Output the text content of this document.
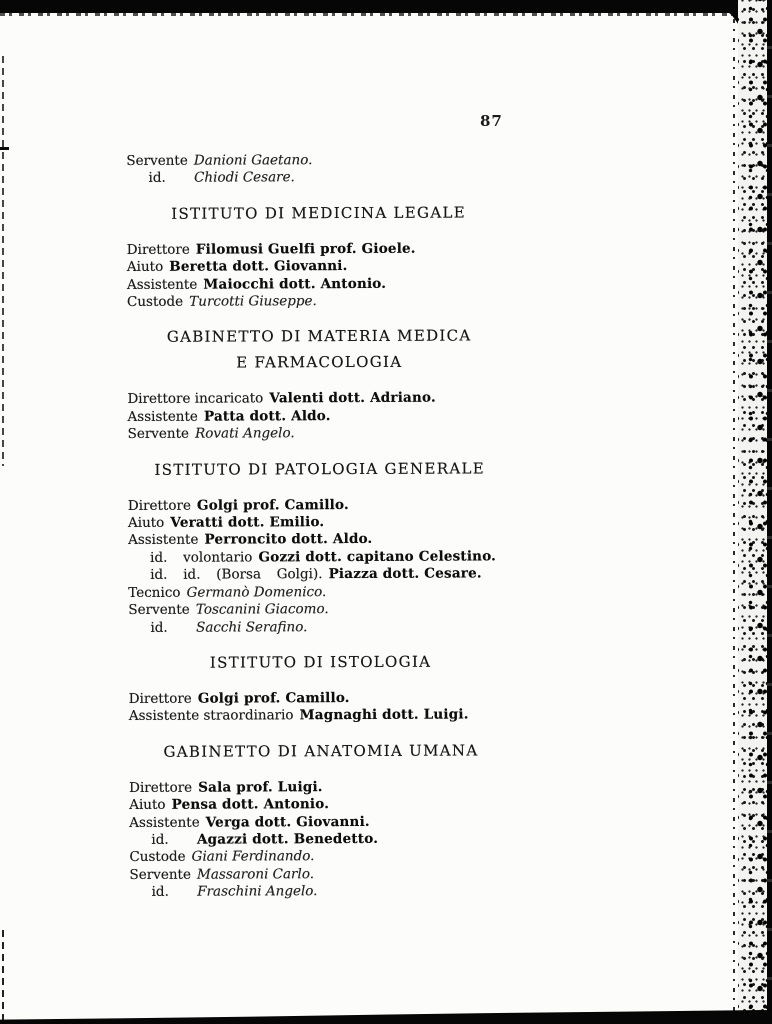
87
Servente Danioni Gaetano.
id. Chiodi Cesare.
ISTITUTO DI MEDICINA LEGALE
Direttore Filomusi Guelfi prof. Gioele.
Aiuto Beretta dott. Giovanni.
Assistente Maiocchi dott. Antonio.
Custode Turcotti Giuseppe.
GABINETTO DI MATERIA MEDICA
E FARMACOLOGIA
Direttore incaricato Valenti dott. Adriano.
Assistente Patta dott. Aldo.
Servente Rovati Angelo.
ISTITUTO DI PATOLOGIA GENERALE
Direttore Golgi prof. Camillo.
Aiuto Veratti dott. Emilio.
Assistente Perroncito dott. Aldo.
id. volontario Gozzi dott. capitano Celestino.
id. id. (Borsa Golgi). Piazza dott. Cesare.
Tecnico Germanò Domenico.
Servente Toscanini Giacomo.
id. Sacchi Serafino.
ISTITUTO DI ISTOLOGIA
Direttore Golgi prof. Camillo.
Assistente straordinario Magnaghi dott. Luigi.
GABINETTO DI ANATOMIA UMANA
Direttore Sala prof. Luigi.
Aiuto Pensa dott. Antonio.
Assistente Verga dott. Giovanni.
id. Agazzi dott. Benedetto.
Custode Giani Ferdinando.
Servente Massaroni Carlo.
id. Fraschini Angelo.
